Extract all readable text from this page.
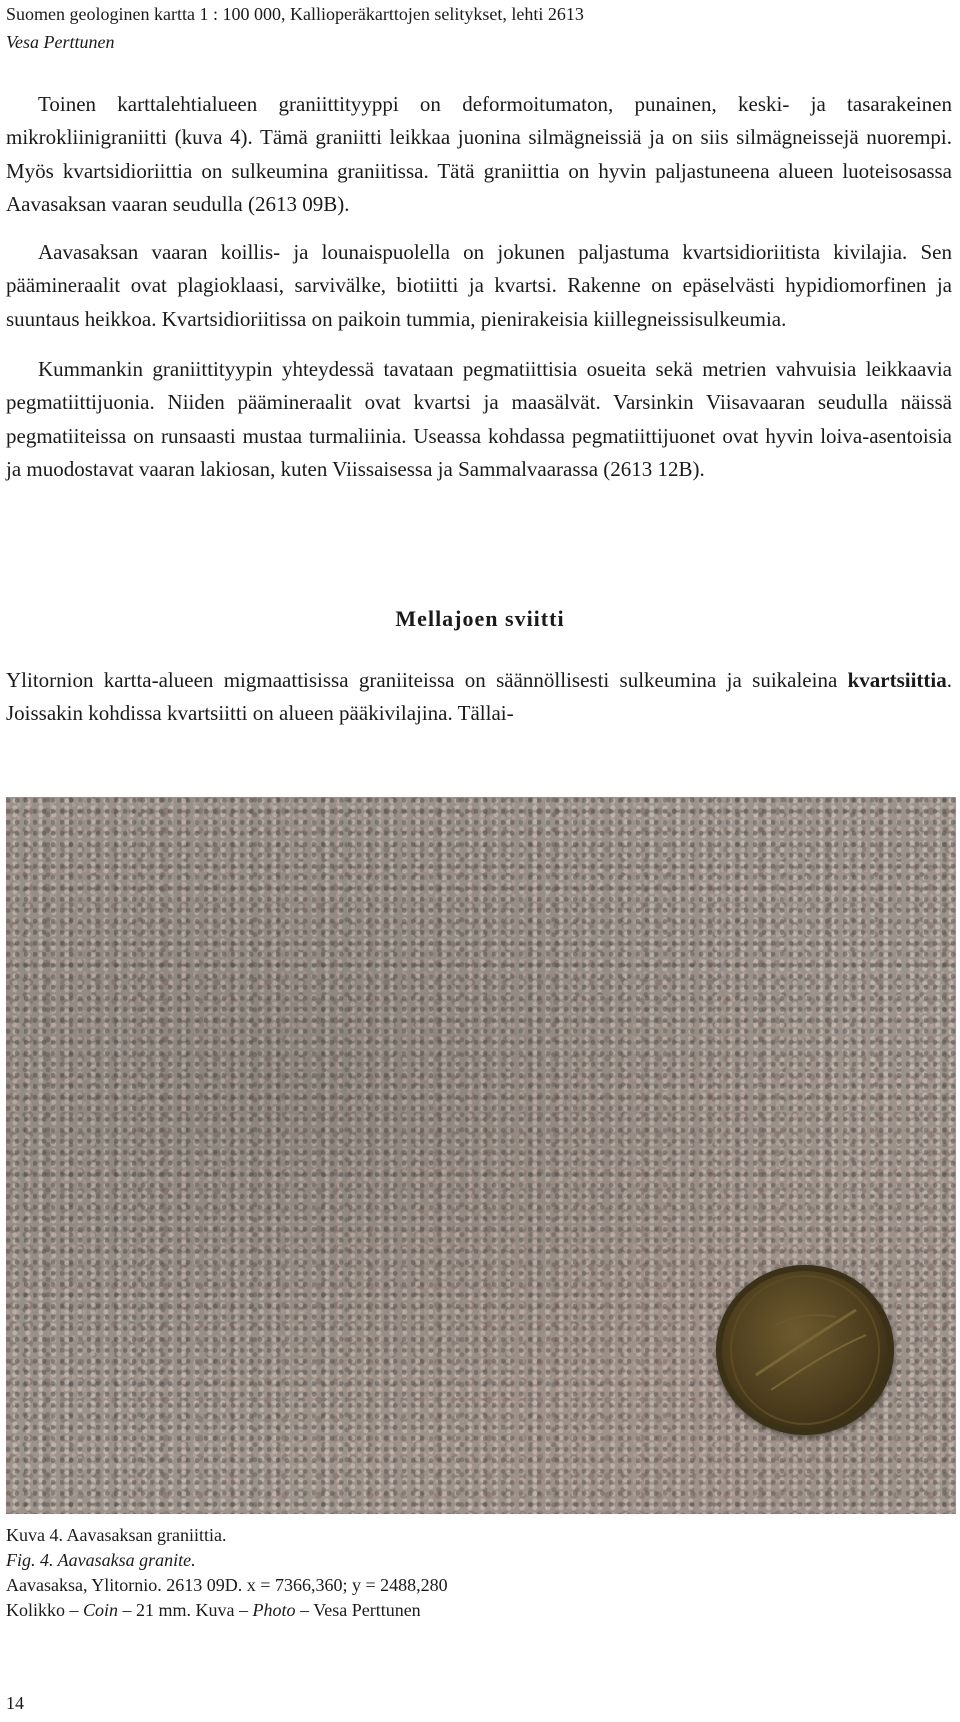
Suomen geologinen kartta 1 : 100 000, Kallioperäkarttojen selitykset, lehti 2613
Vesa Perttunen

Toinen karttalehtialueen graniittityyppi on deformoitumaton, punainen, keski- ja tasarakeinen mikrokliinigraniitti (kuva 4). Tämä graniitti leikkaa juonina silmägneissiä ja on siis silmägneissejä nuorempi. Myös kvartsidioriittia on sulkeumina graniitissa. Tätä graniittia on hyvin paljastuneena alueen luoteisosassa Aavasaksan vaaran seudulla (2613 09B).

Aavasaksan vaaran koillis- ja lounaispuolella on jokunen paljastuma kvartsidioriitista kivilajia. Sen päämineraalit ovat plagioklaasi, sarvivälke, biotiitti ja kvartsi. Rakenne on epäselvästi hypidiomorfinen ja suuntaus heikkoa. Kvartsidioriitissa on paikoin tummia, pienirakeisia kiillegneissisulkeumia.

Kummankin graniittityypin yhteydessä tavataan pegmatiittisia osueita sekä metrien vahvuisia leikkaavia pegmatiittijuonia. Niiden päämineraalit ovat kvartsi ja maasälvät. Varsinkin Viisavaaran seudulla näissä pegmatiiteissa on runsaasti mustaa turmaliinia. Useassa kohdassa pegmatiittijuonet ovat hyvin loiva-asentoisia ja muodostavat vaaran lakiosan, kuten Viissaisessa ja Sammalvaarassa (2613 12B).

Mellajoen sviitti

Ylitornion kartta-alueen migmaattisissa graniiteissa on säännöllisesti sulkeumina ja suikaleina kvartsiittia. Joissakin kohdissa kvartsiitti on alueen pääkivilajina. Tällai-

Kuva 4. Aavasaksan graniittia.
Fig. 4. Aavasaksa granite.
Aavasaksa, Ylitornio. 2613 09D. x = 7366,360; y = 2488,280
Kolikko – Coin – 21 mm. Kuva – Photo – Vesa Perttunen
14
